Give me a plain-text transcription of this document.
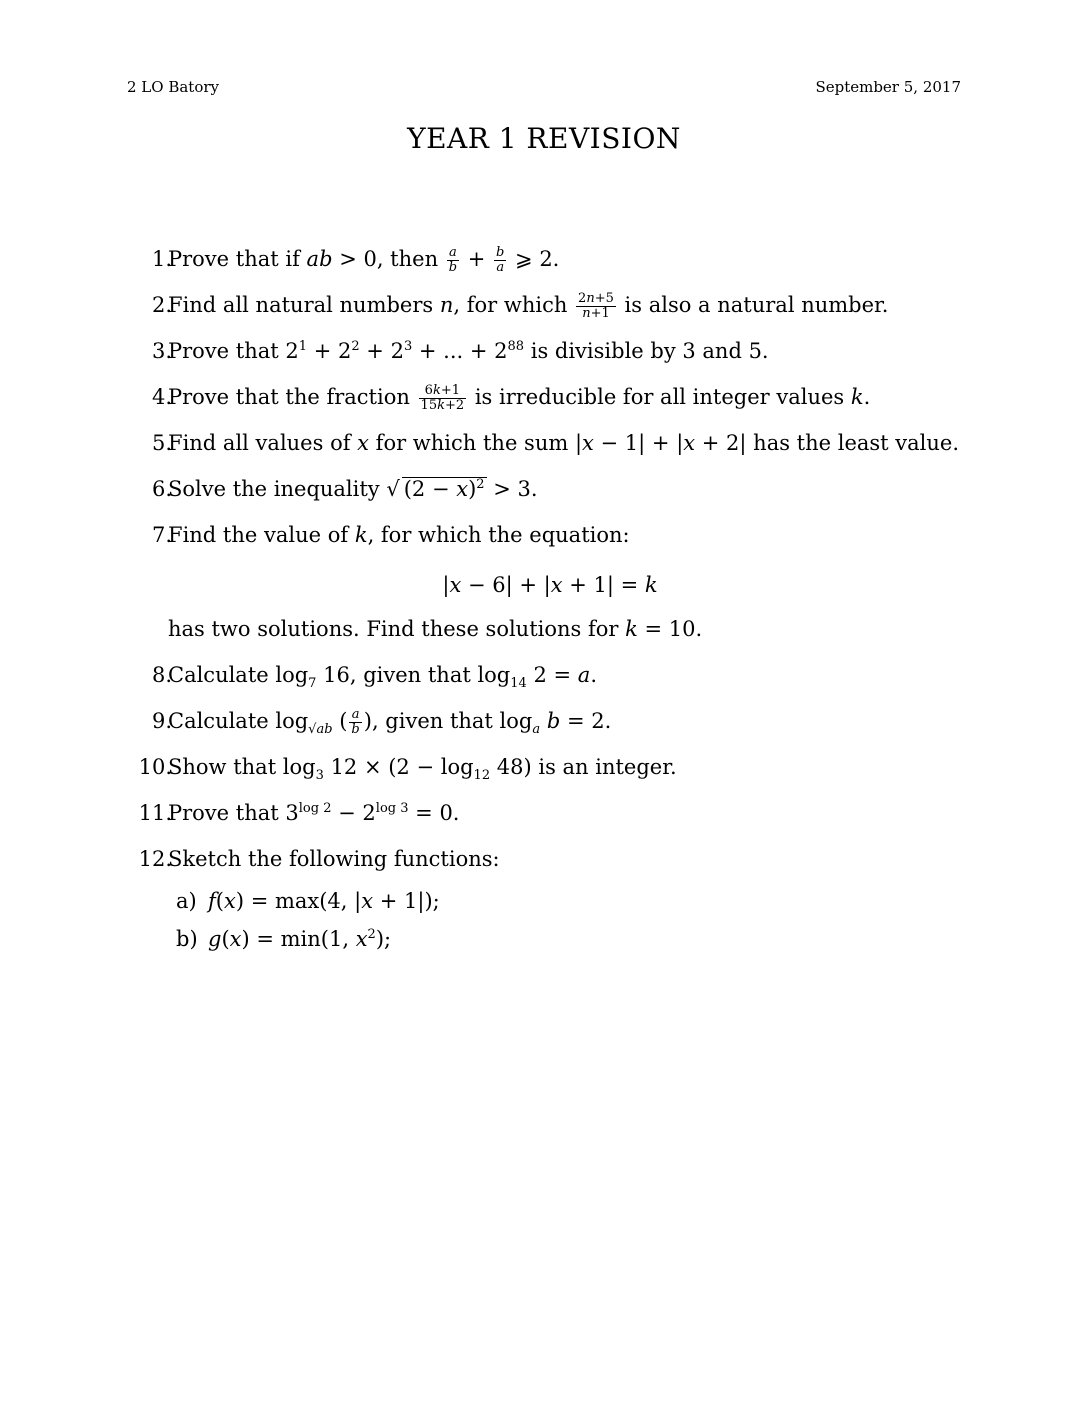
2 LO Batory	September 5, 2017
YEAR 1 REVISION
1.
Prove that if ab > 0, then $\frac{a}{b} + \frac{b}{a}$ ⩾ 2.
2.
Find all natural numbers n, for which $\frac{2n+5}{n+1}$ is also a natural number.
3.
Prove that $2^1 + 2^2 + 2^3$ + ... + $2^{88}$ is divisible by 3 and 5.
4.
Prove that the fraction $\frac{6k+1}{15k+2}$ is irreducible for all integer values k.
5.
Find all values of x for which the sum |x − 1| + |x + 2| has the least value.
6.
Solve the inequality √ $(2 - x)^2 > 3$.
7.
Find the value of k, for which the equation:
|x − 6| + |x + 1| = k
has two solutions. Find these solutions for k = 10.
8.
Calculate $\log_7 16$, given that $\log_{14} 2 = a$.
9.
Calculate $\log_{√ab}$ ( $\frac{a}{b}$ ), given that $\log_a b = 2$.
10.
Show that $\log_3 12 \times (2 - \log_{12} 48)$ is an integer.
11.
Prove that $3^{log 2} - 2^{log 3} = 0$.
12.
Sketch the following functions:
a) f(x) = max(4, |x + 1|);
b) g(x) = min(1, $x^2$);
